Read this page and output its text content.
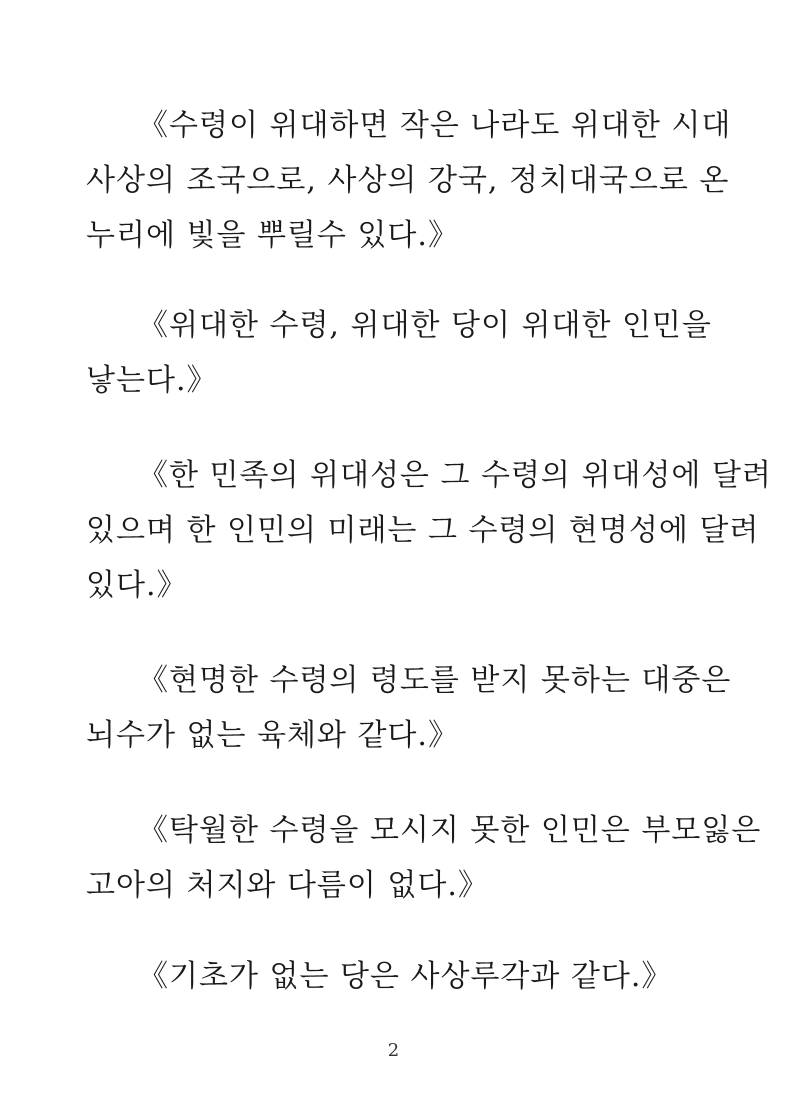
《수령이 위대하면 작은 나라도 위대한 시대
사상의 조국으로, 사상의 강국, 정치대국으로 온
누리에 빛을 뿌릴수 있다.》
《위대한 수령, 위대한 당이 위대한 인민을
낳는다.》
《한 민족의 위대성은 그 수령의 위대성에 달려
있으며 한 인민의 미래는 그 수령의 현명성에 달려
있다.》
《현명한 수령의 령도를 받지 못하는 대중은
뇌수가 없는 육체와 같다.》
《탁월한 수령을 모시지 못한 인민은 부모잃은
고아의 처지와 다름이 없다.》
《기초가 없는 당은 사상루각과 같다.》
2
